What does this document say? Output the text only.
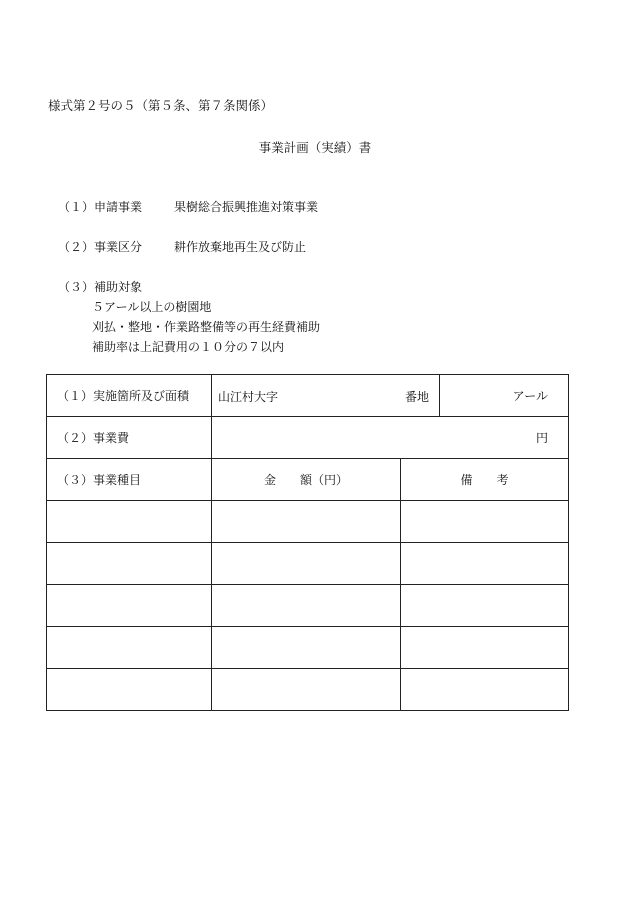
様式第２号の５（第５条、第７条関係）
事業計画（実績）書
（１）申請事業	果樹総合振興推進対策事業
（２）事業区分	耕作放棄地再生及び防止
（３）補助対象
５アール以上の樹園地
刈払・整地・作業路整備等の再生経費補助
補助率は上記費用の１０分の７以内
（１）実施箇所及び面積	山江村大字 番地		アール
（２）事業費	円		
（３）事業種目	金　　額（円）	備　　考	
